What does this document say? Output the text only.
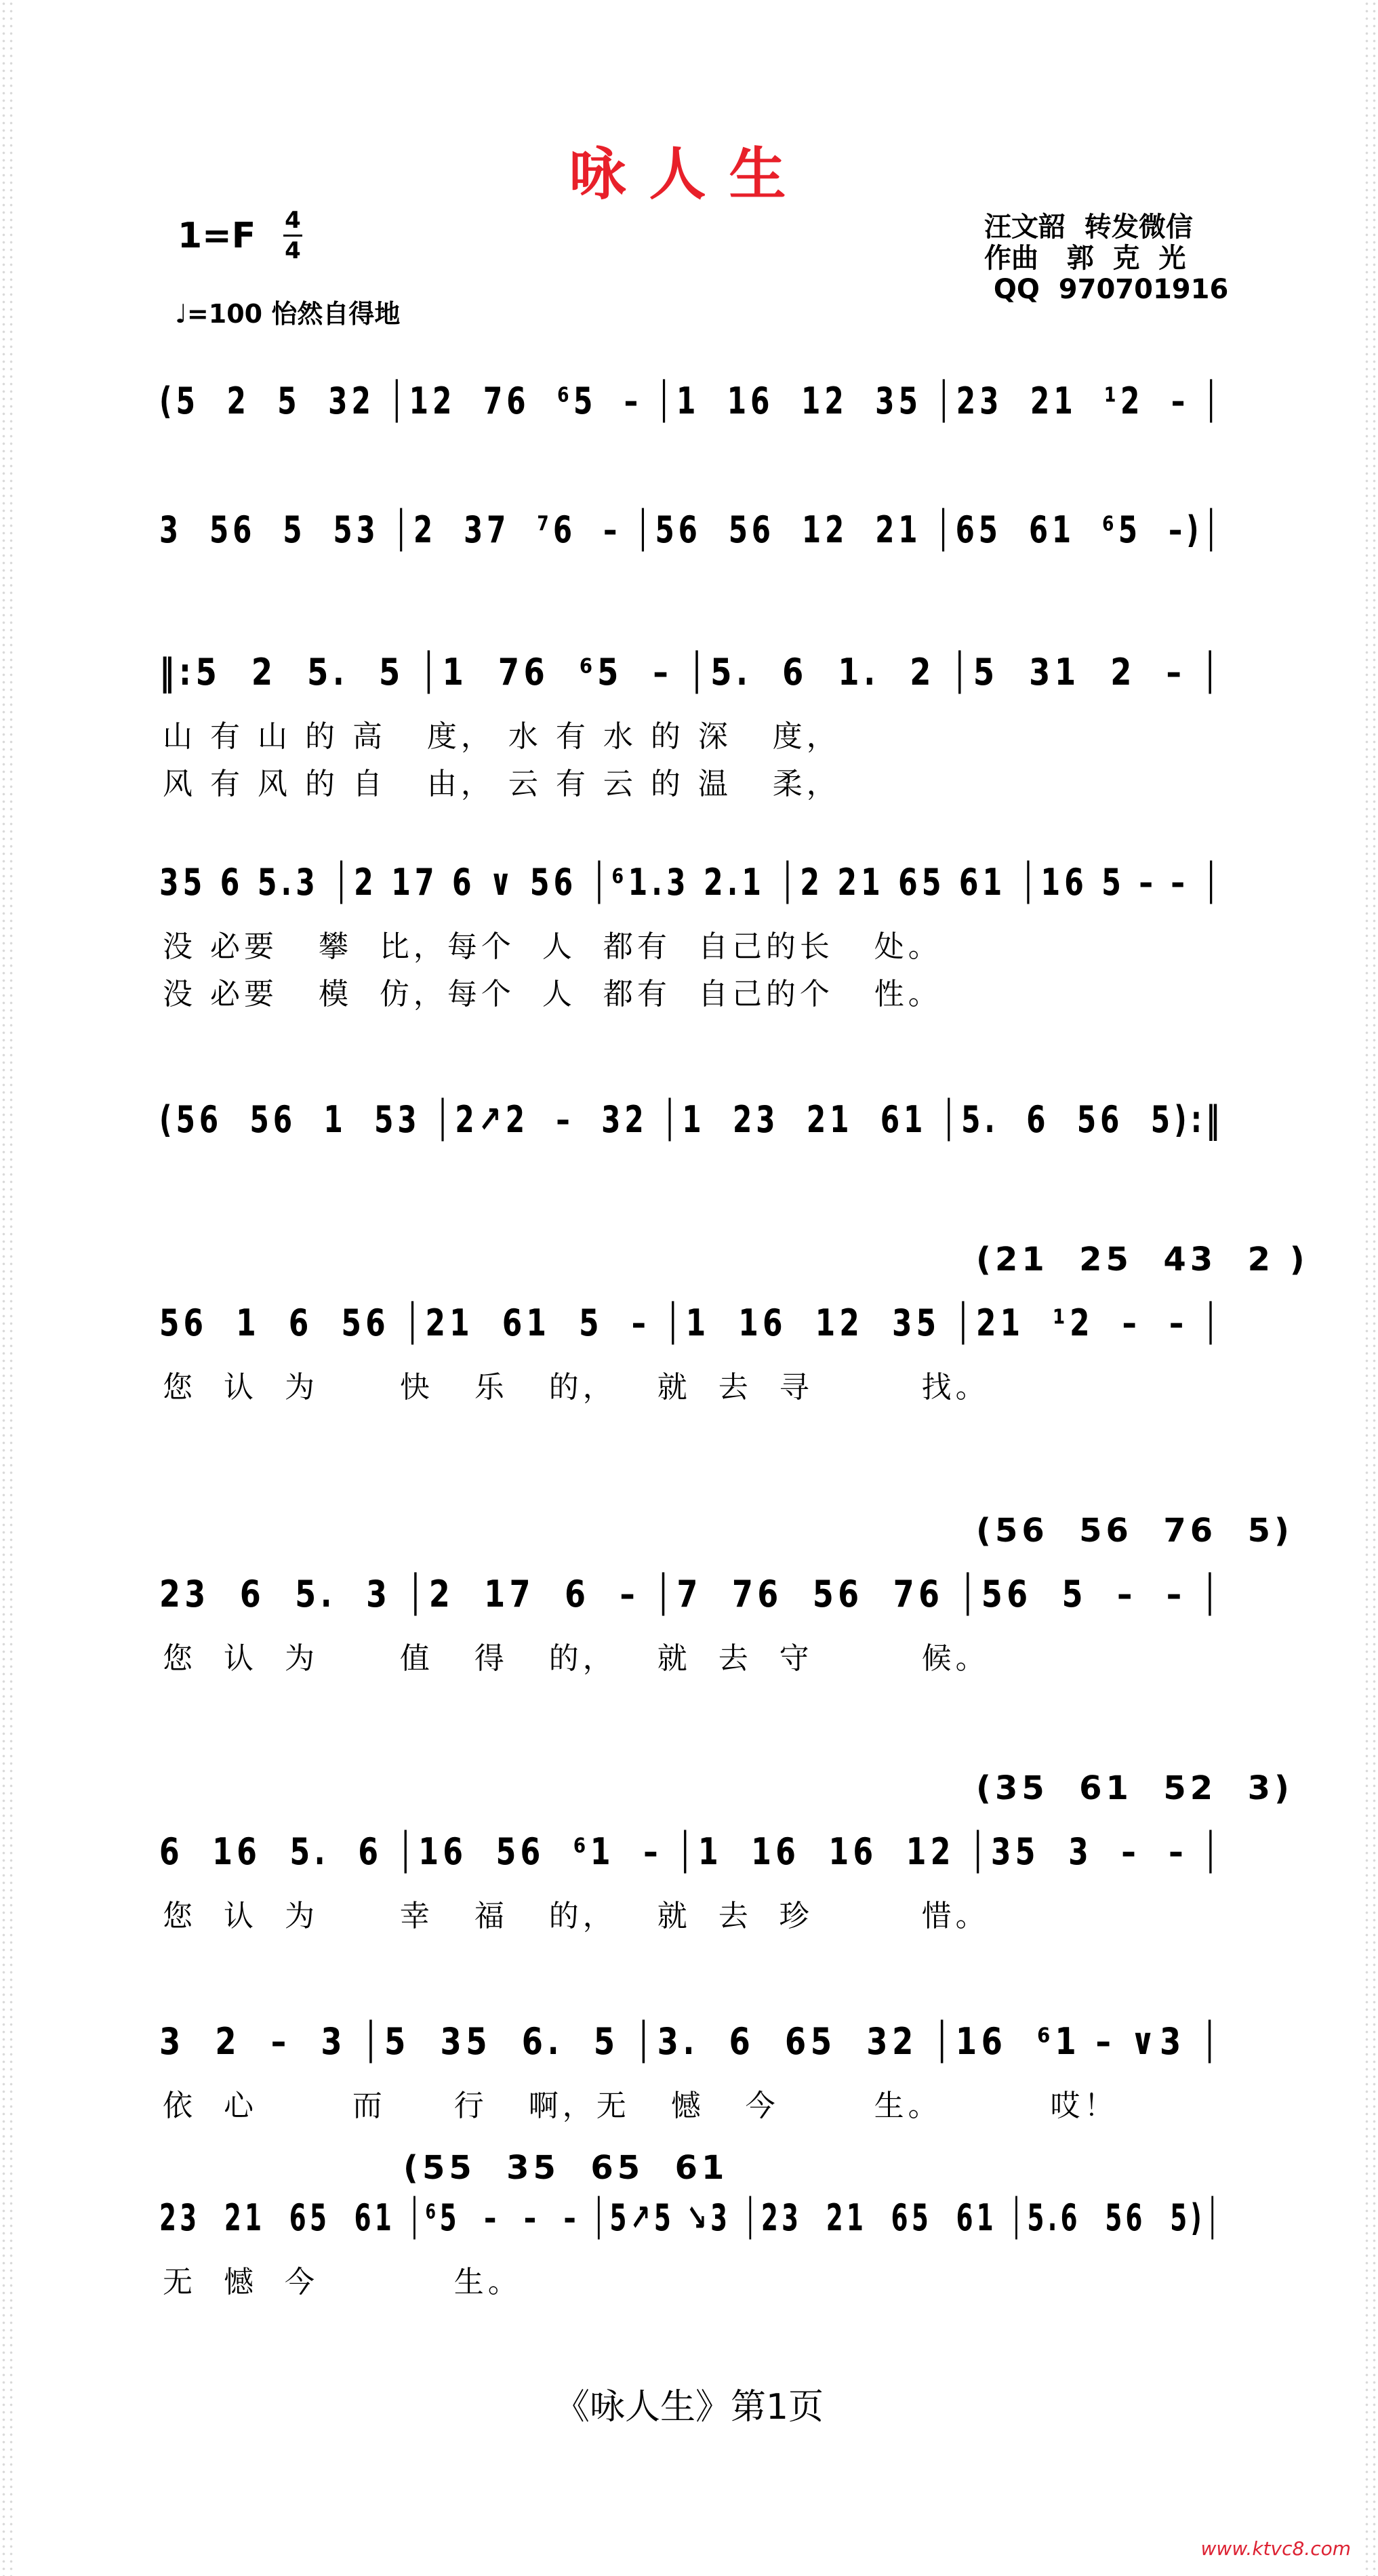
咏人生
1=F 4
4
♩=100 怡然自得地
汪文韶  转发微信
作曲   郭  克  光
QQ  970701916
(5  2  5  32 │12  76  ⁶5  – │1  16  12  35 │23  21  ¹2  – │
3  56  5  53 │2  37  ⁷6  – │56  56  12  21 │65  61  ⁶5  –)│
‖:5  2  5.  5 │1  76  ⁶5  – │5.  6  1.  2 │5  31  2  – │
山 有 山 的 高   度， 水 有 水 的 深   度，
风 有 风 的 自   由， 云 有 云 的 温   柔，
35 6 5.3 │2 17 6 ∨ 56 │⁶1.3 2.1 │2 21 65 61 │16 5 – – │
没 必要   攀  比，每个  人  都有  自己的长   处。
没 必要   模  仿，每个  人  都有  自己的个   性。
(56  56  1  53 │2↗2  –  32 │1  23  21  61 │5.  6  56  5):‖
(21  25  43  2 )
56  1  6  56 │21  61  5  – │1  16  12  35 │21  ¹2  –  – │
您  认  为      快   乐   的，   就  去  寻        找。
(56  56  76  5)
23  6  5.  3 │2  17  6  – │7  76  56  76 │56  5  –  – │
您  认  为      值   得   的，   就  去  守        候。
(35  61  52  3)
6  16  5.  6 │16  56  ⁶1  – │1  16  16  12 │35  3  –  – │
您  认  为      幸   福   的，   就  去  珍        惜。
3  2  –  3 │5  35  6.  5 │3.  6  65  32 │16  ⁶1 – ∨3 │
依  心       而     行   啊，无   憾   今       生。        哎！
(55  35  65  61
23  21  65  61 │⁶5  –  –  – │5↗5 ↘3 │23  21  65  61 │5.6  56  5)│
无  憾  今          生。
《咏人生》第1页
www.ktvc8.com
